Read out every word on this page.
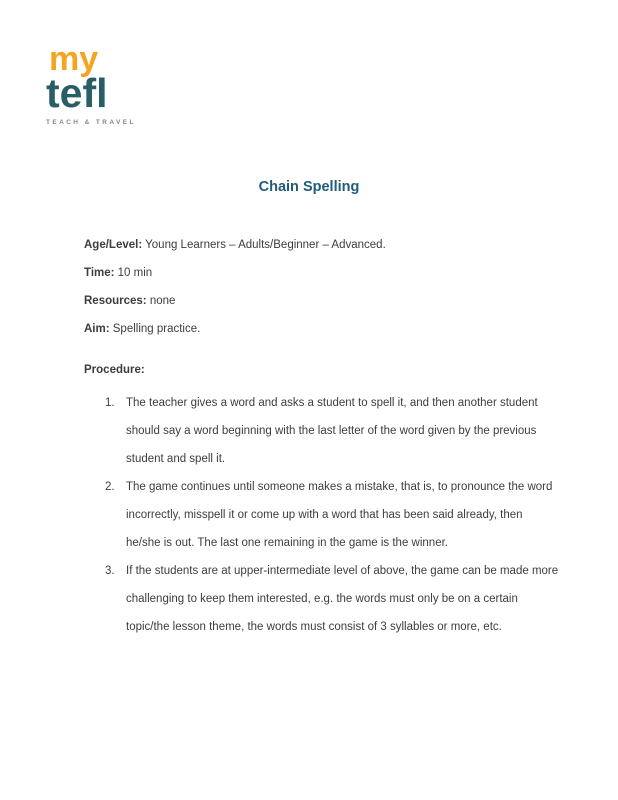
my
tefl
TEACH & TRAVEL
Chain Spelling

Age/Level: Young Learners – Adults/Beginner – Advanced.

Time: 10 min

Resources: none

Aim: Spelling practice.

Procedure:

1. The teacher gives a word and asks a student to spell it, and then another student should say a word beginning with the last letter of the word given by the previous student and spell it.
2. The game continues until someone makes a mistake, that is, to pronounce the word incorrectly, misspell it or come up with a word that has been said already, then he/she is out. The last one remaining in the game is the winner.
3. If the students are at upper-intermediate level of above, the game can be made more challenging to keep them interested, e.g. the words must only be on a certain topic/the lesson theme, the words must consist of 3 syllables or more, etc.
